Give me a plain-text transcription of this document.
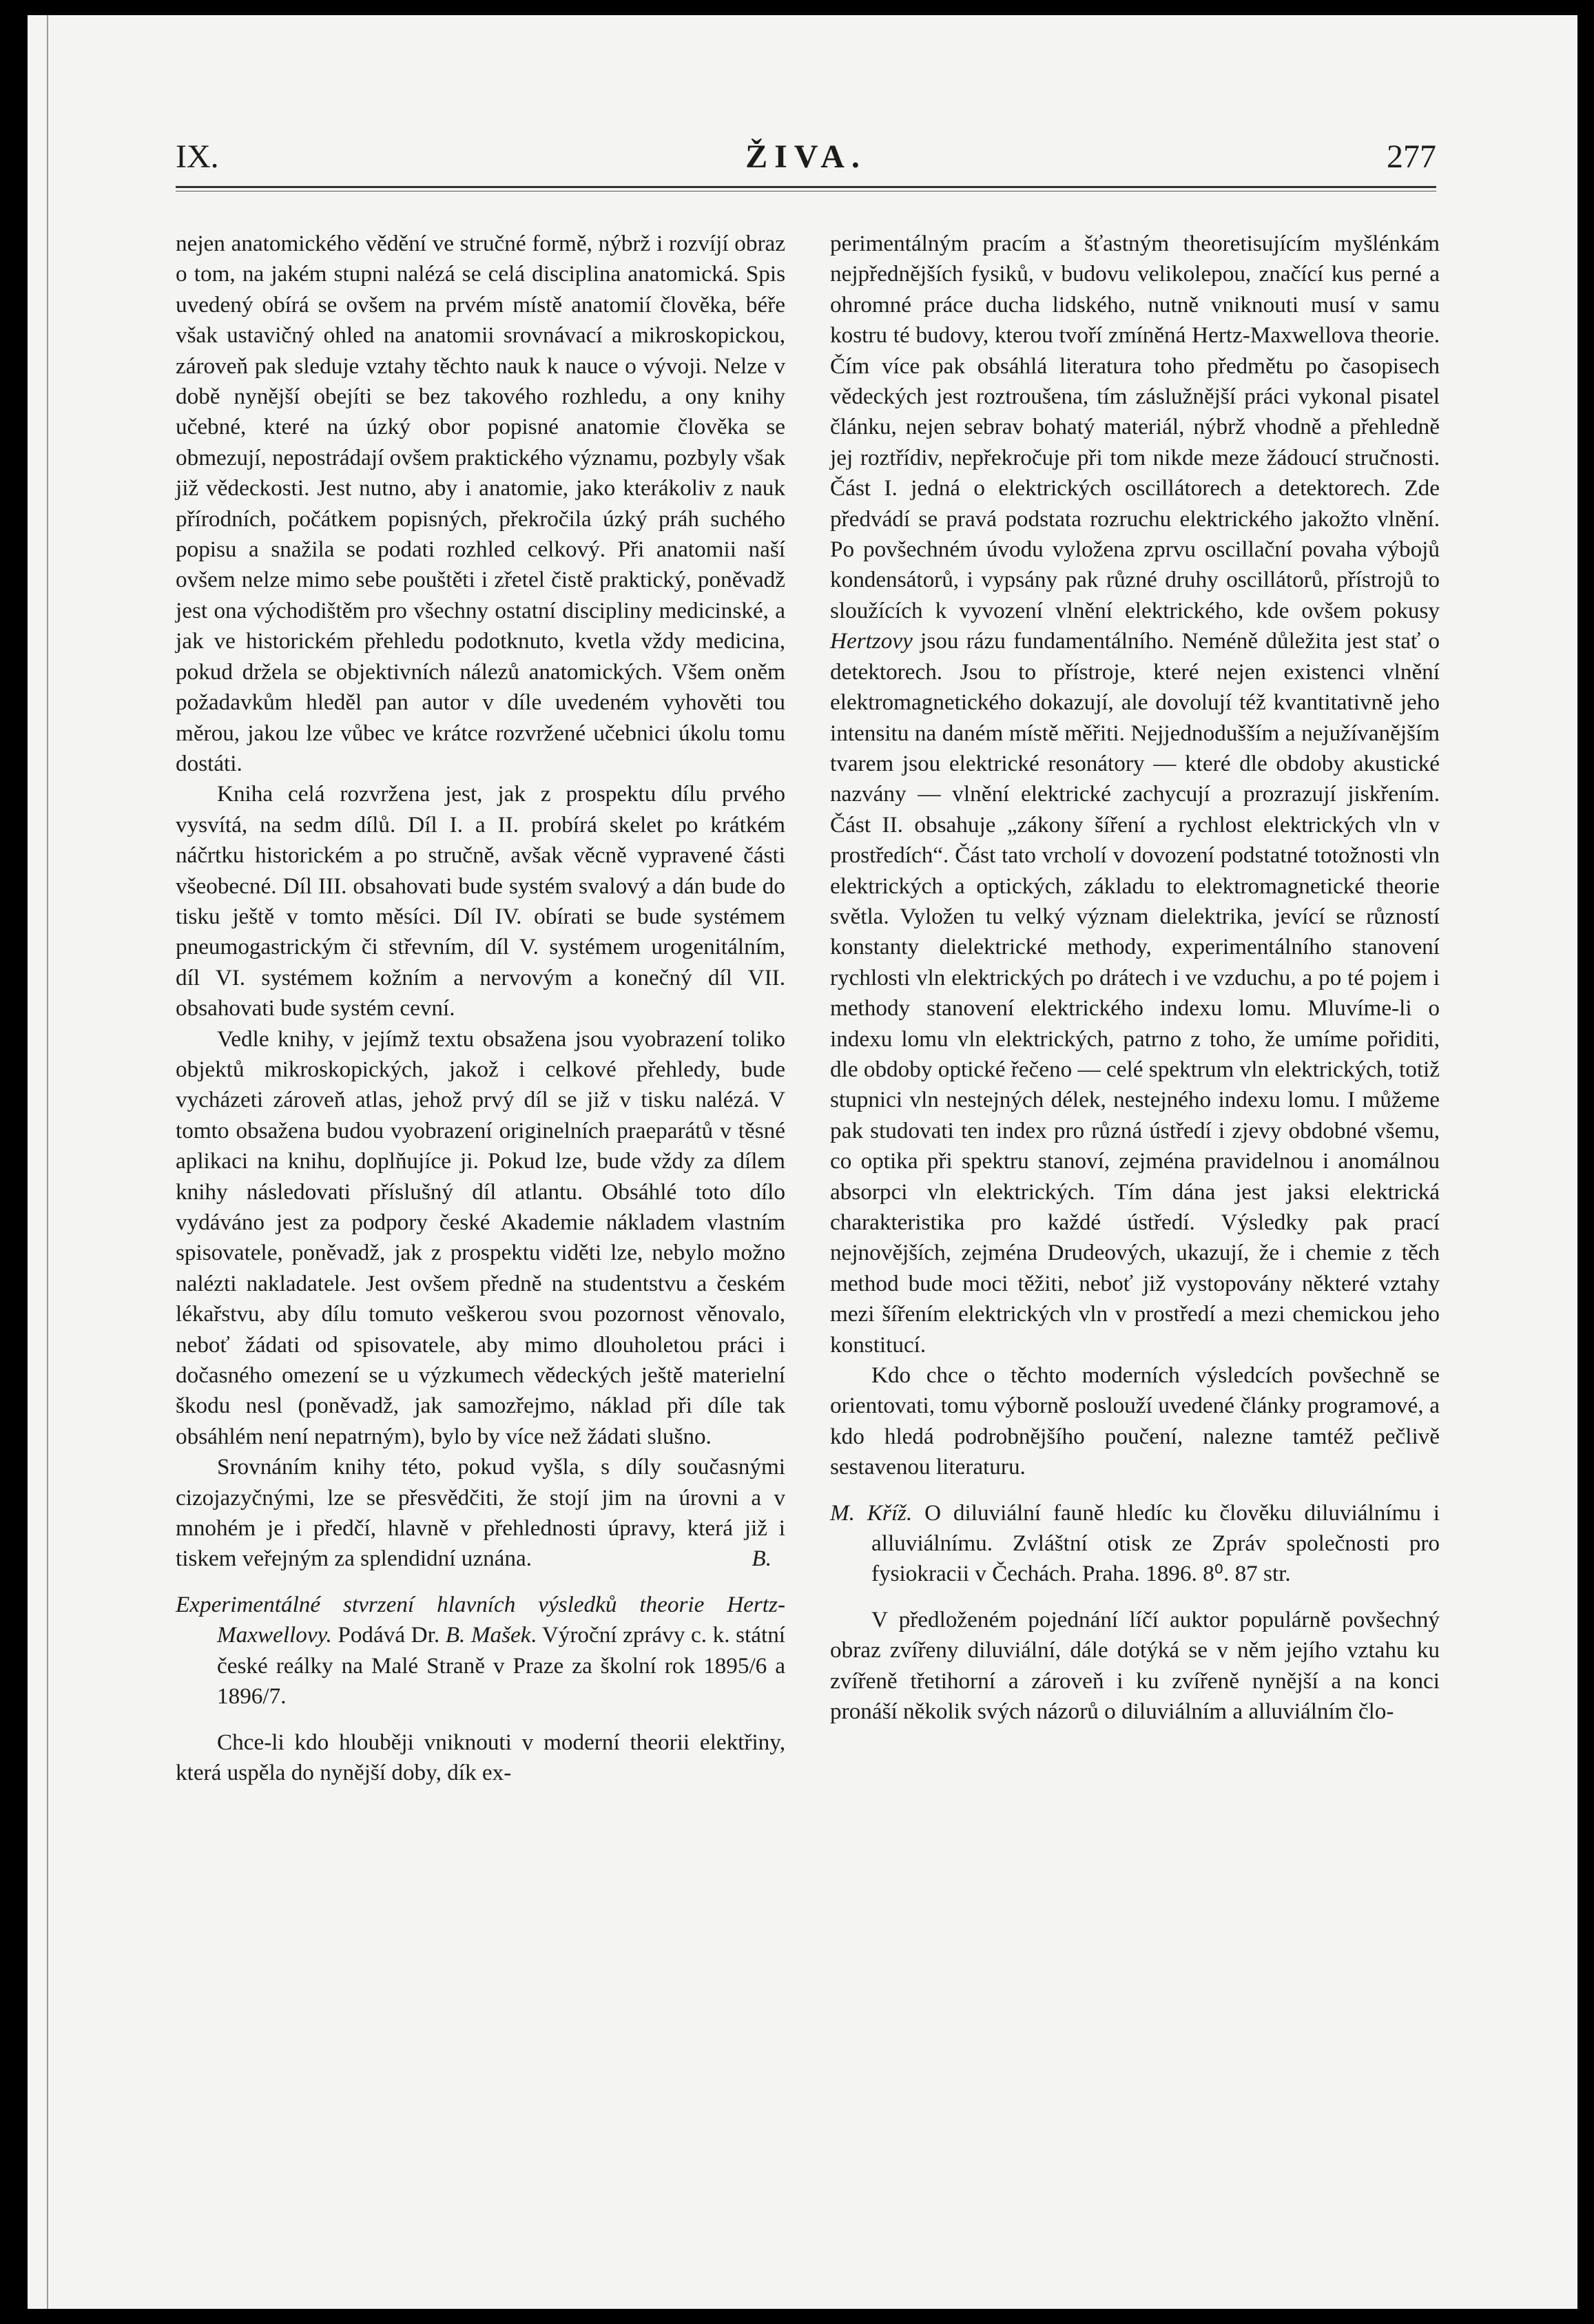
IX.	ŽIVA.	277

nejen anatomického vědění ve stručné formě, nýbrž i rozvíjí obraz o tom, na jakém stupni nalézá se celá disciplina anatomická. Spis uvedený obírá se ovšem na prvém místě anatomií člověka, béře však ustavičný ohled na anatomii srovnávací a mikroskopickou, zároveň pak sleduje vztahy těchto nauk k nauce o vývoji. Nelze v době nynější obejíti se bez takového rozhledu, a ony knihy učebné, které na úzký obor popisné anatomie člověka se obmezují, nepostrádají ovšem praktického významu, pozbyly však již vědeckosti. Jest nutno, aby i anatomie, jako kterákoliv z nauk přírodních, počátkem popisných, překročila úzký práh suchého popisu a snažila se podati rozhled celkový. Při anatomii naší ovšem nelze mimo sebe pouštěti i zřetel čistě praktický, poněvadž jest ona východištěm pro všechny ostatní discipliny medicinské, a jak ve historickém přehledu podotknuto, kvetla vždy medicina, pokud držela se objektivních nálezů anatomických. Všem oněm požadavkům hleděl pan autor v díle uvedeném vyhověti tou měrou, jakou lze vůbec ve krátce rozvržené učebnici úkolu tomu dostáti.

Kniha celá rozvržena jest, jak z prospektu dílu prvého vysvítá, na sedm dílů. Díl I. a II. probírá skelet po krátkém náčrtku historickém a po stručně, avšak věcně vypravené části všeobecné. Díl III. obsahovati bude systém svalový a dán bude do tisku ještě v tomto měsíci. Díl IV. obírati se bude systémem pneumogastrickým či střevním, díl V. systémem urogenitálním, díl VI. systémem kožním a nervovým a konečný díl VII. obsahovati bude systém cevní.

Vedle knihy, v jejímž textu obsažena jsou vyobrazení toliko objektů mikroskopických, jakož i celkové přehledy, bude vycházeti zároveň atlas, jehož prvý díl se již v tisku nalézá. V tomto obsažena budou vyobrazení originelních praeparátů v těsné aplikaci na knihu, doplňujíce ji. Pokud lze, bude vždy za dílem knihy následovati příslušný díl atlantu. Obsáhlé toto dílo vydáváno jest za podpory české Akademie nákladem vlastním spisovatele, poněvadž, jak z prospektu viděti lze, nebylo možno nalézti nakladatele. Jest ovšem předně na studentstvu a českém lékařstvu, aby dílu tomuto veškerou svou pozornost věnovalo, neboť žádati od spisovatele, aby mimo dlouholetou práci i dočasného omezení se u výzkumech vědeckých ještě materielní škodu nesl (poněvadž, jak samozřejmo, náklad při díle tak obsáhlém není nepatrným), bylo by více než žádati slušno.

Srovnáním knihy této, pokud vyšla, s díly současnými cizojazyčnými, lze se přesvědčiti, že stojí jim na úrovni a v mnohém je i předčí, hlavně v přehlednosti úpravy, která již i tiskem veřejným za splendidní uznána.	B.

Experimentálné stvrzení hlavních výsledků theorie Hertz-Maxwellovy. Podává Dr. B. Mašek. Výroční zprávy c. k. státní české reálky na Malé Straně v Praze za školní rok 1895/6 a 1896/7.

Chce-li kdo hlouběji vniknouti v moderní theorii elektřiny, která uspěla do nynější doby, dík ex-

perimentálným pracím a šťastným theoretisujícím myšlénkám nejpřednějších fysiků, v budovu velikolepou, značící kus perné a ohromné práce ducha lidského, nutně vniknouti musí v samu kostru té budovy, kterou tvoří zmíněná Hertz-Maxwellova theorie. Čím více pak obsáhlá literatura toho předmětu po časopisech vědeckých jest roztroušena, tím záslužnější práci vykonal pisatel článku, nejen sebrav bohatý materiál, nýbrž vhodně a přehledně jej roztřídiv, nepřekročuje při tom nikde meze žádoucí stručnosti. Část I. jedná o elektrických oscillátorech a detektorech. Zde předvádí se pravá podstata rozruchu elektrického jakožto vlnění. Po povšechném úvodu vyložena zprvu oscillační povaha výbojů kondensátorů, i vypsány pak různé druhy oscillátorů, přístrojů to sloužících k vyvození vlnění elektrického, kde ovšem pokusy Hertzovy jsou rázu fundamentálního. Neméně důležita jest stať o detektorech. Jsou to přístroje, které nejen existenci vlnění elektromagnetického dokazují, ale dovolují též kvantitativně jeho intensitu na daném místě měřiti. Nejjednodušším a nejužívanějším tvarem jsou elektrické resonátory — které dle obdoby akustické nazvány — vlnění elektrické zachycují a prozrazují jiskřením. Část II. obsahuje „zákony šíření a rychlost elektrických vln v prostředích“. Část tato vrcholí v dovození podstatné totožnosti vln elektrických a optických, základu to elektromagnetické theorie světla. Vyložen tu velký význam dielektrika, jevící se růzností konstanty dielektrické methody, experimentálního stanovení rychlosti vln elektrických po drátech i ve vzduchu, a po té pojem i methody stanovení elektrického indexu lomu. Mluvíme-li o indexu lomu vln elektrických, patrno z toho, že umíme pořiditi, dle obdoby optické řečeno — celé spektrum vln elektrických, totiž stupnici vln nestejných délek, nestejného indexu lomu. I můžeme pak studovati ten index pro různá ústředí i zjevy obdobné všemu, co optika při spektru stanoví, zejména pravidelnou i anomálnou absorpci vln elektrických. Tím dána jest jaksi elektrická charakteristika pro každé ústředí. Výsledky pak prací nejnovějších, zejména Drudeových, ukazují, že i chemie z těch method bude moci těžiti, neboť již vystopovány některé vztahy mezi šířením elektrických vln v prostředí a mezi chemickou jeho konstitucí.

Kdo chce o těchto moderních výsledcích povšechně se orientovati, tomu výborně poslouží uvedené články programové, a kdo hledá podrobnějšího poučení, nalezne tamtéž pečlivě sestavenou literaturu.

M. Kříž. O diluviální fauně hledíc ku člověku diluviálnímu i alluviálnímu. Zvláštní otisk ze Zpráv společnosti pro fysiokracii v Čechách. Praha. 1896. 8⁰. 87 str.

V předloženém pojednání líčí auktor populárně povšechný obraz zvířeny diluviální, dále dotýká se v něm jejího vztahu ku zvířeně třetihorní a zároveň i ku zvířeně nynější a na konci pronáší několik svých názorů o diluviálním a alluviálním člo-
